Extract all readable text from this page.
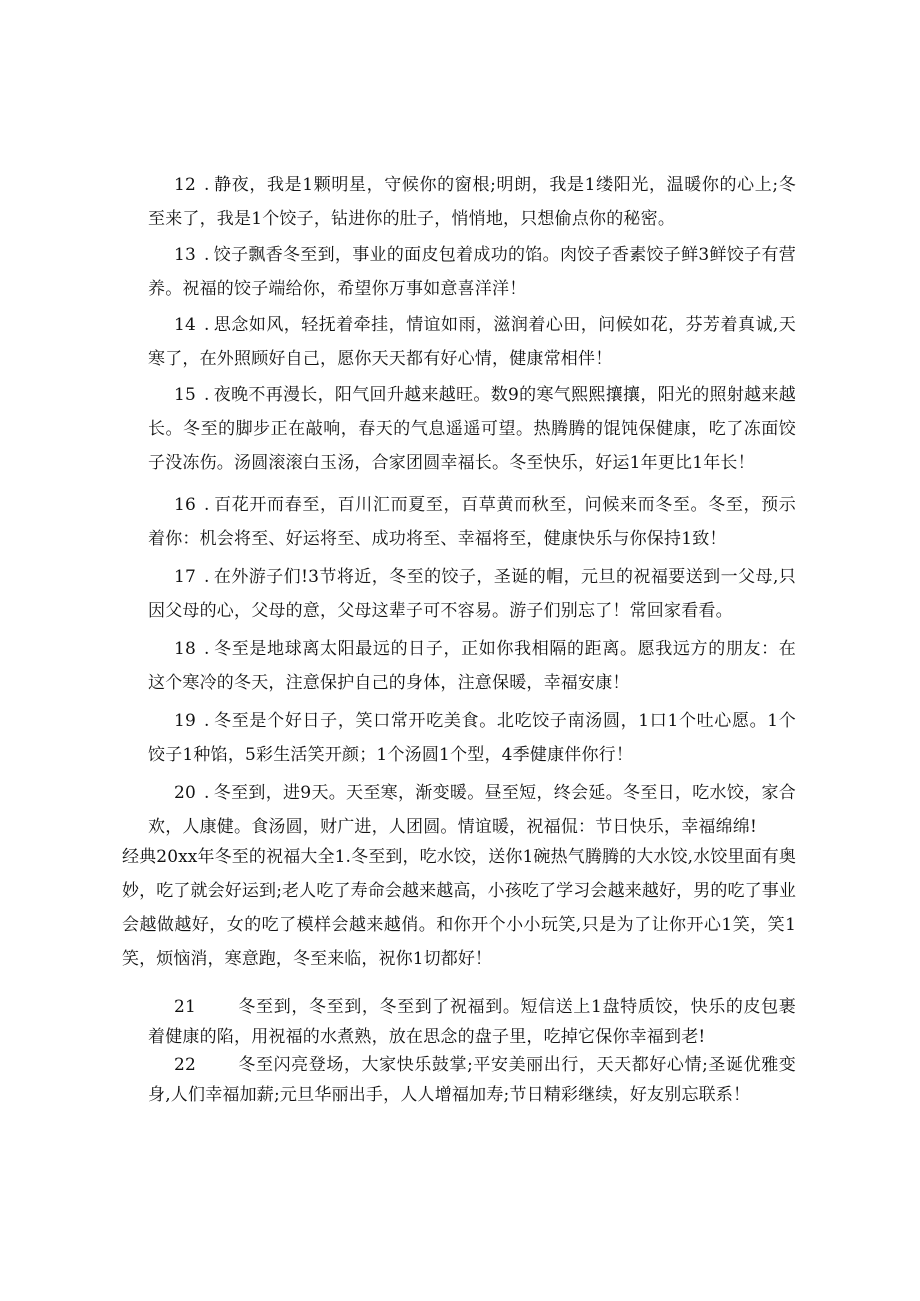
12 . 静夜，我是1颗明星，守候你的窗根;明朗，我是1缕阳光，温暖你的心上;冬至来了，我是1个饺子，钻进你的肚子，悄悄地，只想偷点你的秘密。

13 . 饺子飘香冬至到，事业的面皮包着成功的馅。肉饺子香素饺子鲜3鲜饺子有营养。祝福的饺子端给你，希望你万事如意喜洋洋！

14 . 思念如风，轻抚着牵挂，情谊如雨，滋润着心田，问候如花，芬芳着真诚,天寒了，在外照顾好自己，愿你天天都有好心情，健康常相伴！

15 . 夜晚不再漫长，阳气回升越来越旺。数9的寒气熙熙攘攘，阳光的照射越来越长。冬至的脚步正在敲响，春天的气息遥遥可望。热腾腾的馄饨保健康，吃了冻面饺子没冻伤。汤圆滚滚白玉汤，合家团圆幸福长。冬至快乐，好运1年更比1年长！

16 . 百花开而春至，百川汇而夏至，百草黄而秋至，问候来而冬至。冬至，预示着你：机会将至、好运将至、成功将至、幸福将至，健康快乐与你保持1致！

17 . 在外游子们!3节将近，冬至的饺子，圣诞的帽，元旦的祝福要送到一父母,只因父母的心，父母的意，父母这辈子可不容易。游子们别忘了！常回家看看。

18 . 冬至是地球离太阳最远的日子，正如你我相隔的距离。愿我远方的朋友：在这个寒冷的冬天，注意保护自己的身体，注意保暖，幸福安康！

19 . 冬至是个好日子，笑口常开吃美食。北吃饺子南汤圆，1口1个吐心愿。1个饺子1种馅，5彩生活笑开颜；1个汤圆1个型，4季健康伴你行！

20 . 冬至到，进9天。天至寒，渐变暖。昼至短，终会延。冬至日，吃水饺，家合欢，人康健。食汤圆，财广进，人团圆。情谊暖，祝福侃：节日快乐，幸福绵绵!

经典20xx年冬至的祝福大全1.冬至到，吃水饺，送你1碗热气腾腾的大水饺,水饺里面有奥妙，吃了就会好运到;老人吃了寿命会越来越高，小孩吃了学习会越来越好，男的吃了事业会越做越好，女的吃了模样会越来越俏。和你开个小小玩笑,只是为了让你开心1笑，笑1笑，烦恼消，寒意跑，冬至来临，祝你1切都好！

21 冬至到，冬至到，冬至到了祝福到。短信送上1盘特质饺，快乐的皮包裹着健康的陷，用祝福的水煮熟，放在思念的盘子里，吃掉它保你幸福到老!

22 冬至闪亮登场，大家快乐鼓掌;平安美丽出行，天天都好心情;圣诞优雅变身,人们幸福加薪;元旦华丽出手，人人增福加寿;节日精彩继续，好友别忘联系！
